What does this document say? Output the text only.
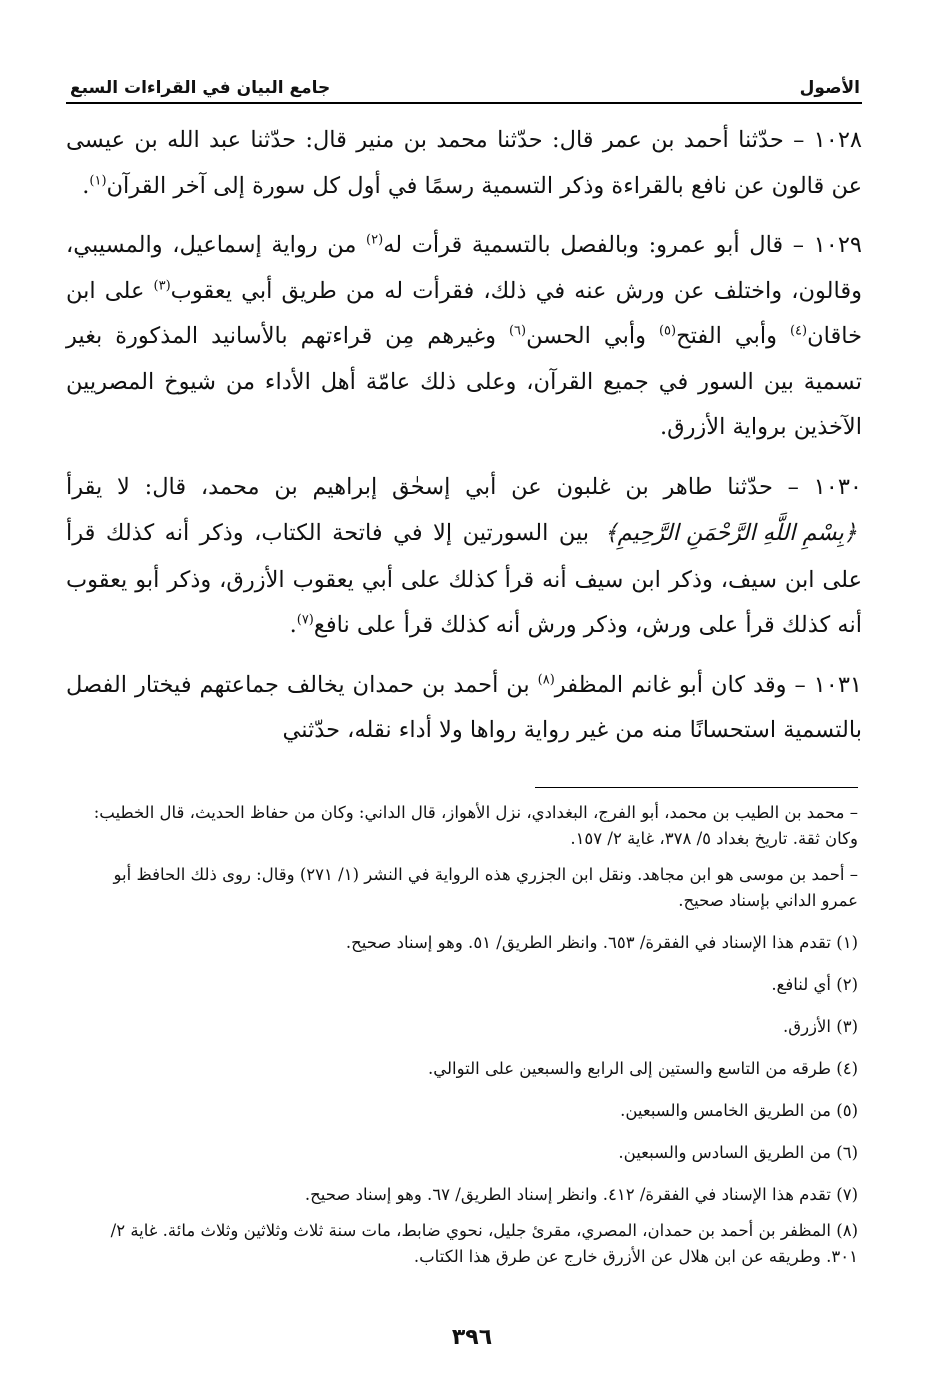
الأصول
جامع البيان في القراءات السبع

١٠٢٨ – حدّثنا أحمد بن عمر قال: حدّثنا محمد بن منير قال: حدّثنا عبد الله بن عيسى عن قالون عن نافع بالقراءة وذكر التسمية رسمًا في أول كل سورة إلى آخر القرآن$^{(١)}$.

١٠٢٩ – قال أبو عمرو: وبالفصل بالتسمية قرأت له$^{(٢)}$ من رواية إسماعيل، والمسيبي، وقالون، واختلف عن ورش عنه في ذلك، فقرأت له من طريق أبي يعقوب$^{(٣)}$ على ابن خاقان$^{(٤)}$ وأبي الفتح$^{(٥)}$ وأبي الحسن$^{(٦)}$ وغيرهم مِن قراءتهم بالأسانيد المذكورة بغير تسمية بين السور في جميع القرآن، وعلى ذلك عامّة أهل الأداء من شيوخ المصريين الآخذين برواية الأزرق.

١٠٣٠ – حدّثنا طاهر بن غلبون عن أبي إسحٰق إبراهيم بن محمد، قال: لا يقرأ ﴿بِسْمِ اللَّهِ الرَّحْمَنِ الرَّحِيمِ﴾ بين السورتين إلا في فاتحة الكتاب، وذكر أنه كذلك قرأ على ابن سيف، وذكر ابن سيف أنه قرأ كذلك على أبي يعقوب الأزرق، وذكر أبو يعقوب أنه كذلك قرأ على ورش، وذكر ورش أنه كذلك قرأ على نافع$^{(٧)}$.

١٠٣١ – وقد كان أبو غانم المظفر$^{(٨)}$ بن أحمد بن حمدان يخالف جماعتهم فيختار الفصل بالتسمية استحسانًا منه من غير رواية رواها ولا أداء نقله، حدّثني

– محمد بن الطيب بن محمد، أبو الفرج، البغدادي، نزل الأهواز، قال الداني: وكان من حفاظ الحديث، قال الخطيب: وكان ثقة. تاريخ بغداد ٥/ ٣٧٨، غاية ٢/ ١٥٧.

– أحمد بن موسى هو ابن مجاهد. ونقل ابن الجزري هذه الرواية في النشر (١/ ٢٧١) وقال: روى ذلك الحافظ أبو عمرو الداني بإسناد صحيح.

(١) تقدم هذا الإسناد في الفقرة/ ٦٥٣. وانظر الطريق/ ٥١. وهو إسناد صحيح.

(٢) أي لنافع.

(٣) الأزرق.

(٤) طرقه من التاسع والستين إلى الرابع والسبعين على التوالي.

(٥) من الطريق الخامس والسبعين.

(٦) من الطريق السادس والسبعين.

(٧) تقدم هذا الإسناد في الفقرة/ ٤١٢. وانظر إسناد الطريق/ ٦٧. وهو إسناد صحيح.

(٨) المظفر بن أحمد بن حمدان، المصري، مقرئ جليل، نحوي ضابط، مات سنة ثلاث وثلاثين وثلاث مائة. غاية ٢/ ٣٠١. وطريقه عن ابن هلال عن الأزرق خارج عن طرق هذا الكتاب.

٣٩٦
